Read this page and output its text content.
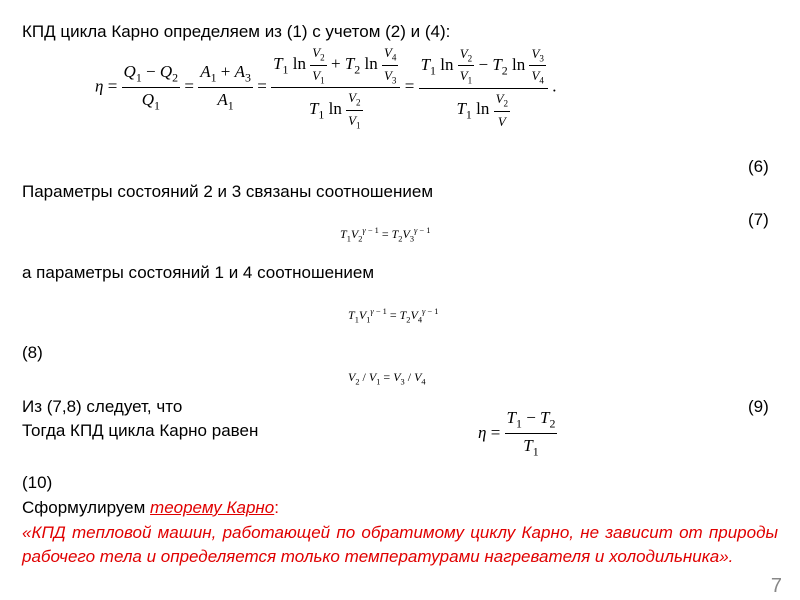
КПД цикла Карно определяем из (1) с учетом (2) и (4):
$\eta = \frac{Q_1 - Q_2}{Q_1} = \frac{A_1 + A_3}{A_1} = \frac{T_1 \ln \frac{V_2}{V_1} + T_2 \ln \frac{V_4}{V_3}}{T_1 \ln \frac{V_2}{V_1}} = \frac{T_1 \ln \frac{V_2}{V_1} - T_2 \ln \frac{V_3}{V_4}}{T_1 \ln \frac{V_2}{V}}$ .
(6)
Параметры состояний 2 и 3 связаны соотношением
(7)
$T_1V_2^{\gamma - 1} = T_2V_3^{\gamma - 1}$
а параметры состояний 1 и 4 соотношением
$T_1V_1^{\gamma - 1} = T_2V_4^{\gamma - 1}$
(8)
$V_2 / V_1 = V_3 / V_4$
Из (7,8) следует, что	(9)
Тогда КПД цикла Карно равен	$\eta = \frac{T_1 - T_2}{T_1}$
(10)
Сформулируем теорему Карно:
«КПД тепловой машин, работающей по обратимому циклу Карно, не зависит от природы рабочего тела и определяется только температурами нагревателя и холодильника».
7
